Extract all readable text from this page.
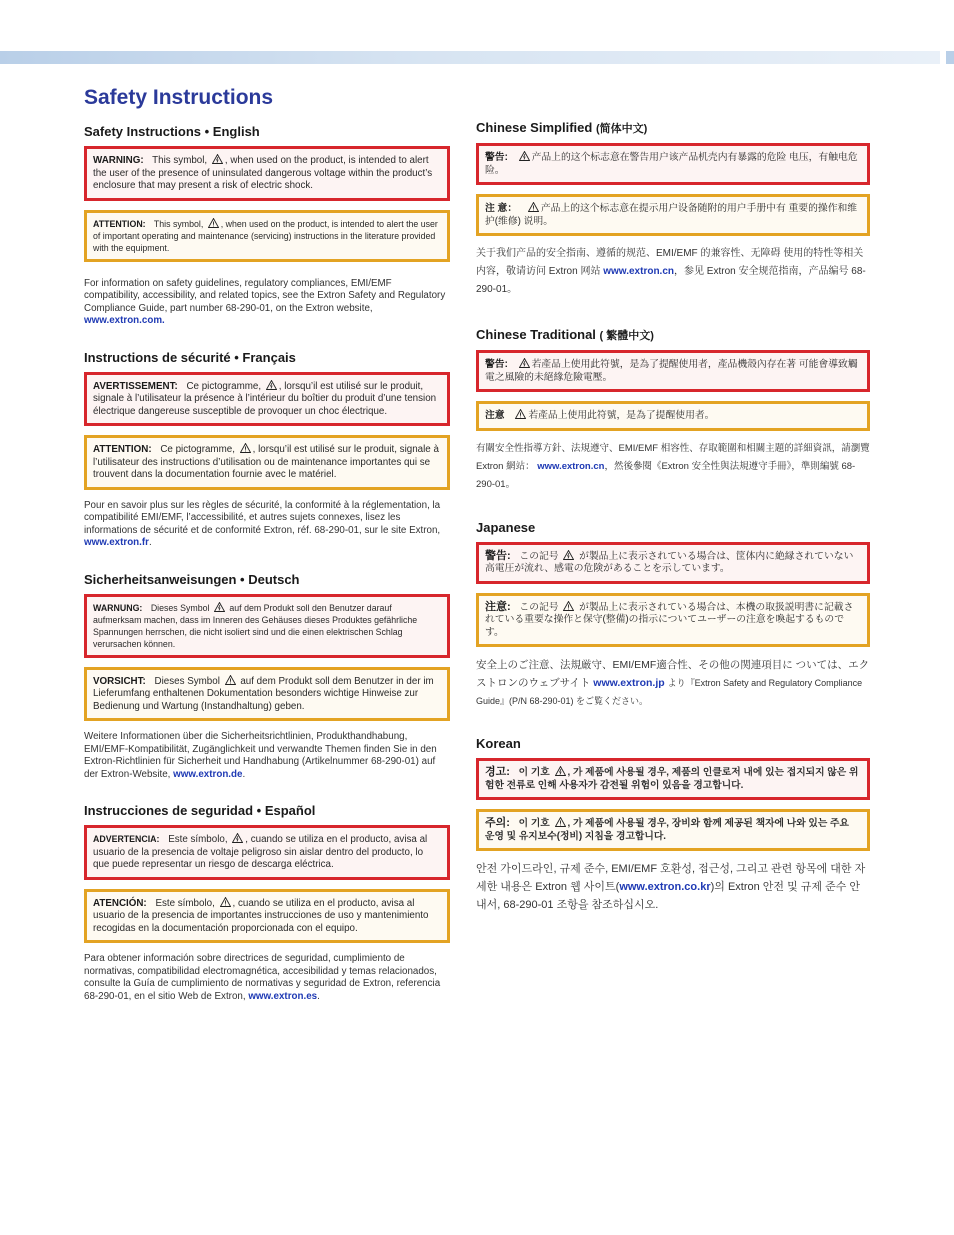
Safety Instructions
Safety Instructions • English
WARNING: This symbol, , when used on the product, is intended to alert the user of the presence of uninsulated dangerous voltage within the product’s enclosure that may present a risk of electric shock.
ATTENTION: This symbol, , when used on the product, is intended to alert the user of important operating and maintenance (servicing) instructions in the literature provided with the equipment.
For information on safety guidelines, regulatory compliances, EMI/EMF compatibility, accessibility, and related topics, see the Extron Safety and Regulatory Compliance Guide, part number 68-290-01, on the Extron website, www.extron.com.
Instructions de sécurité • Français
AVERTISSEMENT: Ce pictogramme, , lorsqu’il est utilisé sur le produit, signale à l’utilisateur la présence à l’intérieur du boîtier du produit d’une tension électrique dangereuse susceptible de provoquer un choc électrique.
ATTENTION: Ce pictogramme, , lorsqu’il est utilisé sur le produit, signale à l’utilisateur des instructions d’utilisation ou de maintenance importantes qui se trouvent dans la documentation fournie avec le matériel.
Pour en savoir plus sur les règles de sécurité, la conformité à la réglementation, la compatibilité EMI/EMF, l’accessibilité, et autres sujets connexes, lisez les informations de sécurité et de conformité Extron, réf. 68-290-01, sur le site Extron, www.extron.fr.
Sicherheitsanweisungen • Deutsch
WARNUNG: Dieses Symbol auf dem Produkt soll den Benutzer darauf aufmerksam machen, dass im Inneren des Gehäuses dieses Produktes gefährliche Spannungen herrschen, die nicht isoliert sind und die einen elektrischen Schlag verursachen können.
VORSICHT: Dieses Symbol auf dem Produkt soll dem Benutzer in der im Lieferumfang enthaltenen Dokumentation besonders wichtige Hinweise zur Bedienung und Wartung (Instandhaltung) geben.
Weitere Informationen über die Sicherheitsrichtlinien, Produkthandhabung, EMI/EMF-Kompatibilität, Zugänglichkeit und verwandte Themen finden Sie in den Extron-Richtlinien für Sicherheit und Handhabung (Artikelnummer 68-290-01) auf der Extron-Website, www.extron.de.
Instrucciones de seguridad • Español
ADVERTENCIA: Este símbolo, , cuando se utiliza en el producto, avisa al usuario de la presencia de voltaje peligroso sin aislar dentro del producto, lo que puede representar un riesgo de descarga eléctrica.
ATENCIÓN: Este símbolo, , cuando se utiliza en el producto, avisa al usuario de la presencia de importantes instrucciones de uso y mantenimiento recogidas en la documentación proporcionada con el equipo.
Para obtener información sobre directrices de seguridad, cumplimiento de normativas, compatibilidad electromagnética, accesibilidad y temas relacionados, consulte la Guía de cumplimiento de normativas y seguridad de Extron, referencia 68-290-01, en el sitio Web de Extron, www.extron.es.
Chinese Simplified (简体中文)
警告: 产品上的这个标志意在警告用户该产品机壳内有暴露的危险 电压，有触电危险。
注 意： 产品上的这个标志意在提示用户设备随附的用户手册中有 重要的操作和维护(维修) 说明。
关于我们产品的安全指南、遵循的规范、EMI/EMF 的兼容性、无障碍 使用的特性等相关内容，敬请访问 Extron 网站 www.extron.cn，参见 Extron 安全规范指南，产品编号 68-290-01。
Chinese Traditional ( 繁體中文)
警告: 若產品上使用此符號，是為了提醒使用者，產品機殼內存在著 可能會導致觸電之風險的未絕緣危險電壓。
注意 若產品上使用此符號，是為了提醒使用者。
有關安全性指導方針、法規遵守、EMI/EMF 相容性、存取範圍和相關主題的詳細資訊，請瀏覽 Extron 網站： www.extron.cn，然後參閱《Extron 安全性與法規遵守手冊》，準則編號 68-290-01。
Japanese
警告: この記号 が製品上に表示されている場合は、筐体内に絶縁されていない高電圧が流れ、感電の危険があることを示しています。
注意: この記号 が製品上に表示されている場合は、本機の取扱説明書に記載されている重要な操作と保守(整備)の指示についてユーザーの注意を喚起するものです。
安全上のご注意、法規厳守、EMI/EMF適合性、その他の関連項目に ついては、エクストロンのウェブサイト www.extron.jp より『Extron Safety and Regulatory Compliance Guide』(P/N 68-290-01) をご覧ください。
Korean
경고: 이 기호 , 가 제품에 사용될 경우, 제품의 인클로저 내에 있는 접지되지 않은 위험한 전류로 인해 사용자가 감전될 위험이 있음을 경고합니다.
주의: 이 기호 , 가 제품에 사용될 경우, 장비와 함께 제공된 책자에 나와 있는 주요 운영 및 유지보수(정비) 지침을 경고합니다.
안전 가이드라인, 규제 준수, EMI/EMF 호환성, 접근성, 그리고 관련 항목에 대한 자세한 내용은 Extron 웹 사이트(www.extron.co.kr)의 Extron 안전 및 규제 준수 안내서, 68-290-01 조항을 참조하십시오.
